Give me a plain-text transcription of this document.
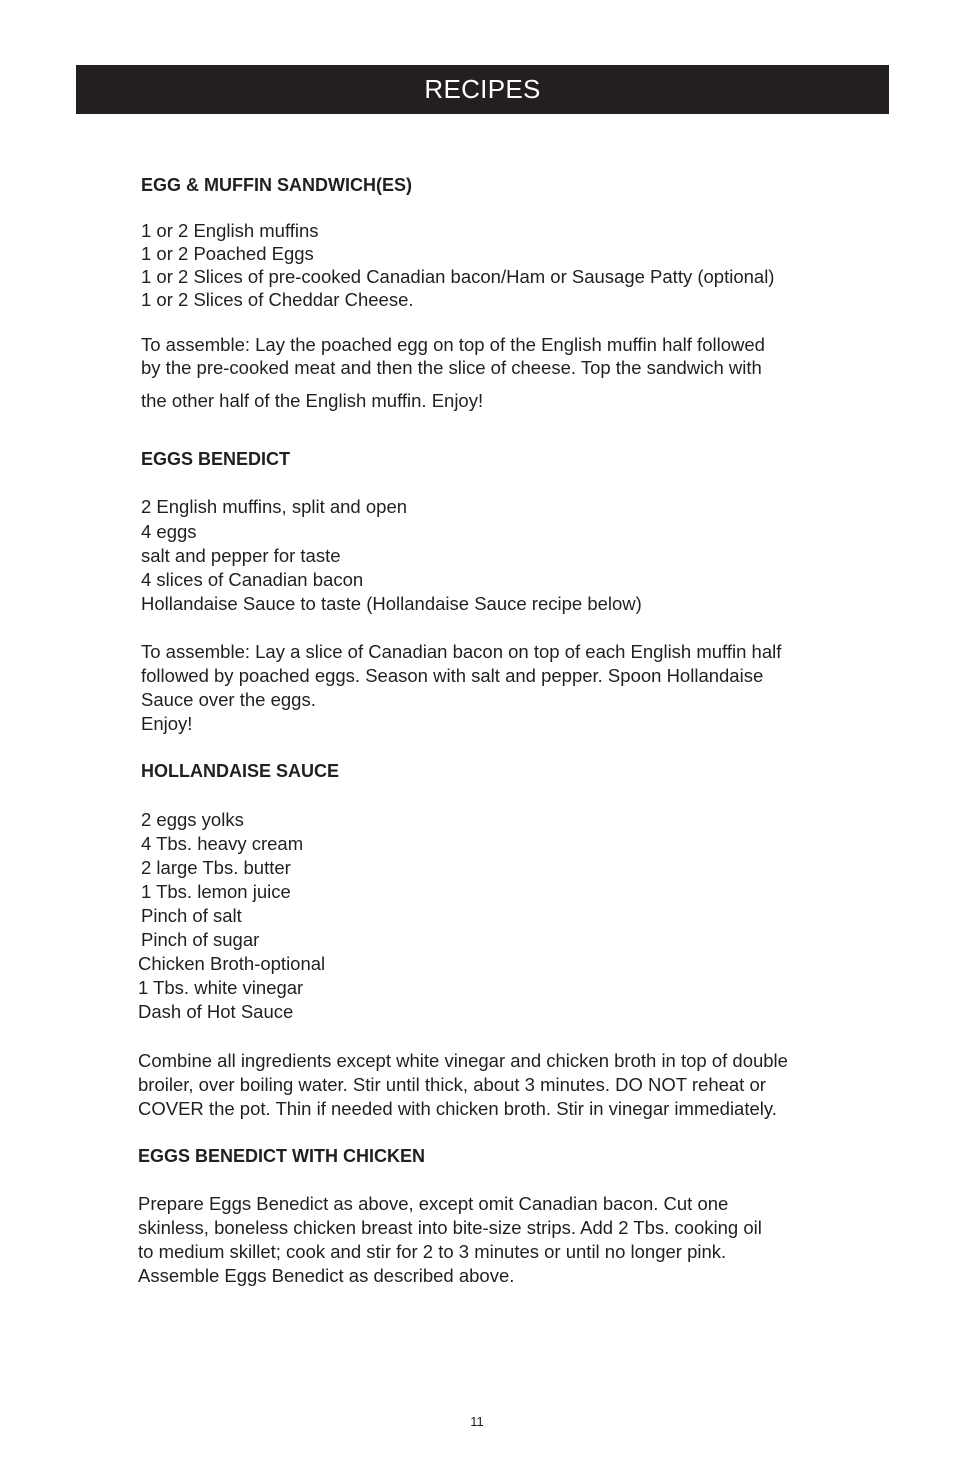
RECIPES
EGG & MUFFIN SANDWICH(ES)
1 or 2 English muffins
1 or 2 Poached Eggs
1 or 2 Slices of pre-cooked Canadian bacon/Ham or Sausage Patty (optional)
1 or 2 Slices of Cheddar Cheese.
To assemble: Lay the poached egg on top of the English muffin half followed
by the pre-cooked meat and then the slice of cheese. Top the sandwich with
the other half of the English muffin. Enjoy!
EGGS BENEDICT
2 English muffins, split and open
4 eggs
salt and pepper for taste
4 slices of Canadian bacon
Hollandaise Sauce to taste (Hollandaise Sauce recipe below)
To assemble: Lay a slice of Canadian bacon on top of each English muffin half
followed by poached eggs. Season with salt and pepper. Spoon Hollandaise
Sauce over the eggs.
Enjoy!
HOLLANDAISE SAUCE
2 eggs yolks
4 Tbs. heavy cream
2 large Tbs. butter
1 Tbs. lemon juice
Pinch of salt
Pinch of sugar
Chicken Broth-optional
1 Tbs. white vinegar
Dash of Hot Sauce
Combine all ingredients except white vinegar and chicken broth in top of double
broiler, over boiling water. Stir until thick, about 3 minutes. DO NOT reheat or
COVER the pot. Thin if needed with chicken broth. Stir in vinegar immediately.
EGGS BENEDICT WITH CHICKEN
Prepare Eggs Benedict as above, except omit Canadian bacon. Cut one
skinless, boneless chicken breast into bite-size strips. Add 2 Tbs. cooking oil
to medium skillet; cook and stir for 2 to 3 minutes or until no longer pink.
Assemble Eggs Benedict as described above.
11
